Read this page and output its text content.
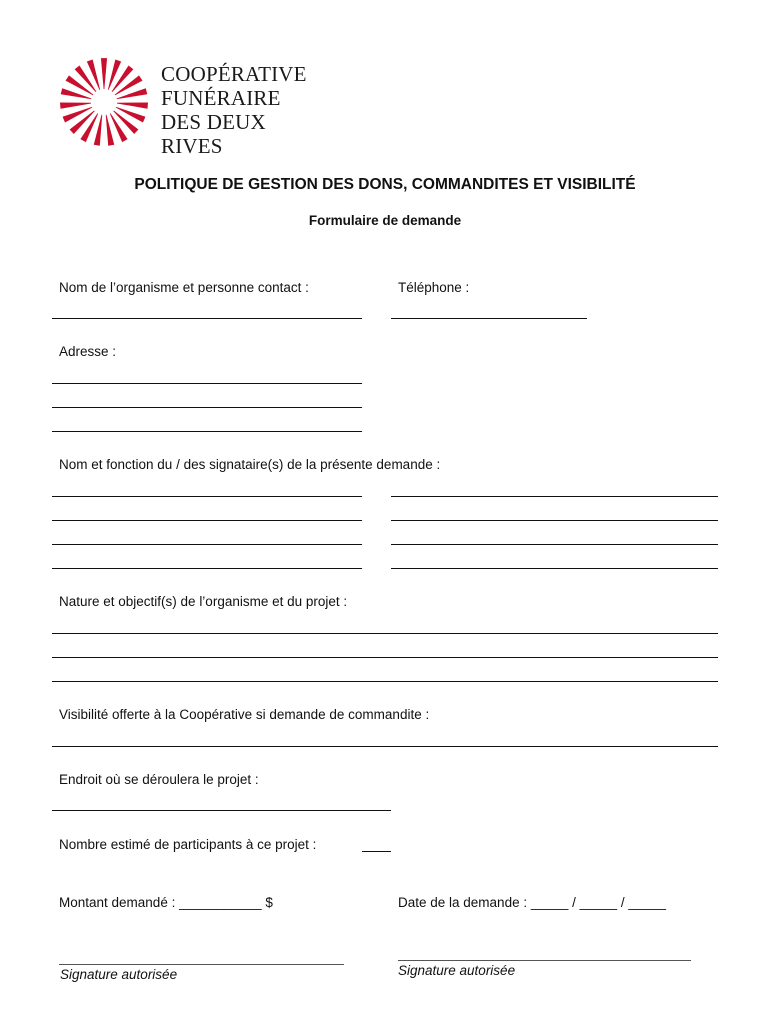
COOPÉRATIVE
FUNÉRAIRE
DES DEUX RIVES
POLITIQUE DE GESTION DES DONS, COMMANDITES ET VISIBILITÉ
Formulaire de demande
Nom de l’organisme et personne contact :	Téléphone :
Adresse :
Nom et fonction du / des signataire(s) de la présente demande :
Nature et objectif(s) de l’organisme et du projet :
Visibilité offerte à la Coopérative si demande de commandite :
Endroit où se déroulera le projet :
Nombre estimé de participants à ce projet :
Montant demandé : ___________ $	Date de la demande : _____ / _____ / _____
Signature autorisée	Signature autorisée
